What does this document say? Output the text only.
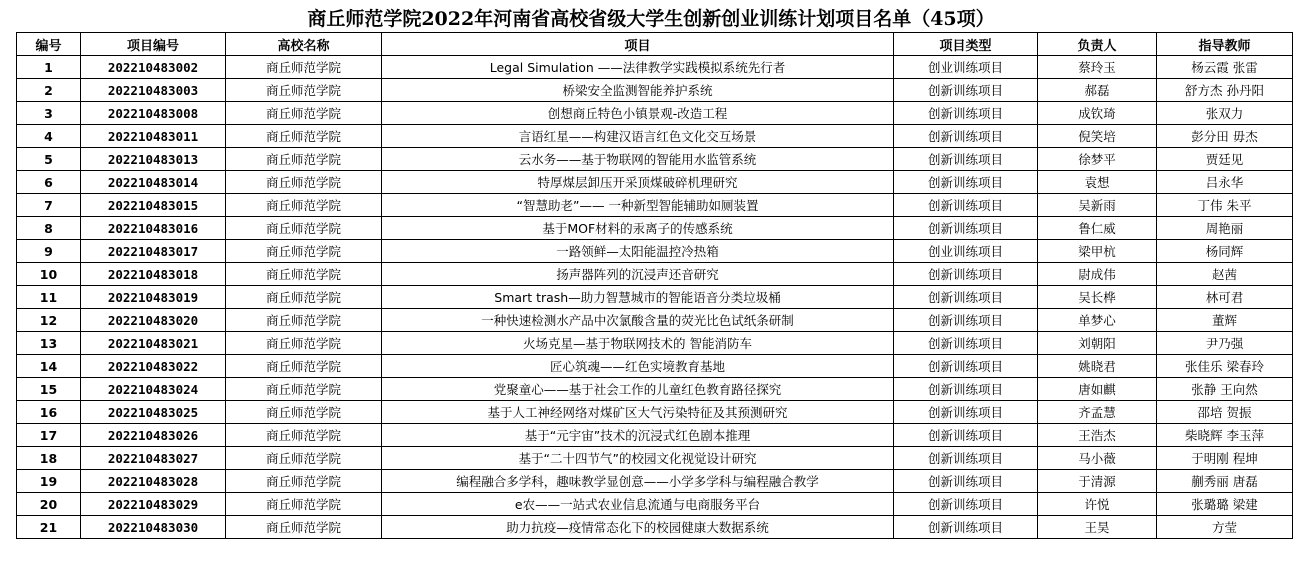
商丘师范学院2022年河南省高校省级大学生创新创业训练计划项目名单（45项）
编号	项目编号	高校名称	项目	项目类型	负责人	指导教师
1	202210483002	商丘师范学院	Legal Simulation ——法律教学实践模拟系统先行者	创业训练项目	蔡玲玉	杨云霞 张雷
2	202210483003	商丘师范学院	桥梁安全监测智能养护系统	创新训练项目	郝磊	舒方杰 孙丹阳
3	202210483008	商丘师范学院	创想商丘特色小镇景观-改造工程	创新训练项目	成钦琦	张双力
4	202210483011	商丘师范学院	言语红星——构建汉语言红色文化交互场景	创新训练项目	倪笑培	彭分田 毋杰
5	202210483013	商丘师范学院	云水务——基于物联网的智能用水监管系统	创新训练项目	徐梦平	贾廷见
6	202210483014	商丘师范学院	特厚煤层卸压开采顶煤破碎机理研究	创新训练项目	袁想	吕永华
7	202210483015	商丘师范学院	“智慧助老”—— 一种新型智能辅助如厕装置	创新训练项目	吴新雨	丁伟 朱平
8	202210483016	商丘师范学院	基于MOF材料的汞离子的传感系统	创新训练项目	鲁仁威	周艳丽
9	202210483017	商丘师范学院	一路领鲜—太阳能温控冷热箱	创业训练项目	梁甲杭	杨同辉
10	202210483018	商丘师范学院	扬声器阵列的沉浸声还音研究	创新训练项目	尉成伟	赵茜
11	202210483019	商丘师范学院	Smart trash—助力智慧城市的智能语音分类垃圾桶	创新训练项目	吴长桦	林可君
12	202210483020	商丘师范学院	一种快速检测水产品中次氯酸含量的荧光比色试纸条研制	创新训练项目	单梦心	董辉
13	202210483021	商丘师范学院	火场克星—基于物联网技术的 智能消防车	创新训练项目	刘朝阳	尹乃强
14	202210483022	商丘师范学院	匠心筑魂——红色实境教育基地	创新训练项目	姚晓君	张佳乐 梁春玲
15	202210483024	商丘师范学院	党聚童心——基于社会工作的儿童红色教育路径探究	创新训练项目	唐如麒	张静 王向然
16	202210483025	商丘师范学院	基于人工神经网络对煤矿区大气污染特征及其预测研究	创新训练项目	齐孟慧	邵培 贺振
17	202210483026	商丘师范学院	基于“元宇宙”技术的沉浸式红色剧本推理	创新训练项目	王浩杰	柴晓辉 李玉萍
18	202210483027	商丘师范学院	基于“二十四节气”的校园文化视觉设计研究	创新训练项目	马小薇	于明刚 程坤
19	202210483028	商丘师范学院	编程融合多学科，趣味教学显创意——小学多学科与编程融合教学	创新训练项目	于清源	蒯秀丽 唐磊
20	202210483029	商丘师范学院	e农——一站式农业信息流通与电商服务平台	创新训练项目	许悦	张璐璐 梁建
21	202210483030	商丘师范学院	助力抗疫—疫情常态化下的校园健康大数据系统	创新训练项目	王昊	方莹
